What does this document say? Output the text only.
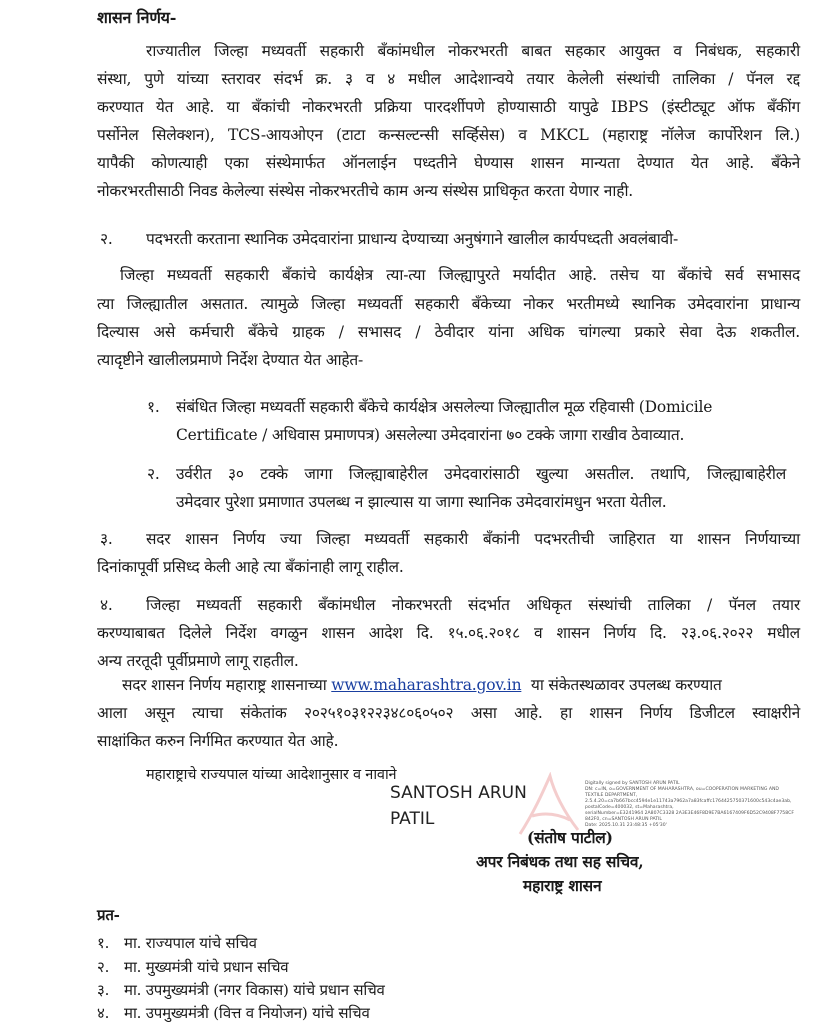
शासन निर्णय-
राज्यातील जिल्हा मध्यवर्ती सहकारी बँकांमधील नोकरभरती बाबत सहकार आयुक्त व निबंधक, सहकारी
संस्था, पुणे यांच्या स्तरावर संदर्भ क्र. ३ व ४ मधील आदेशान्वये तयार केलेली संस्थांची तालिका / पॅनल रद्द
करण्यात येत आहे. या बँकांची नोकरभरती प्रक्रिया पारदर्शीपणे होण्यासाठी यापुढे IBPS (इंस्टीट्यूट ऑफ बँकींग
पर्सोनेल सिलेक्शन), TCS-आयओएन (टाटा कन्सल्टन्सी सर्व्हिसेस) व MKCL (महाराष्ट्र नॉलेज कार्पोरेशन लि.)
यापैकी कोणत्याही एका संस्थेमार्फत ऑनलाईन पध्दतीने घेण्यास शासन मान्यता देण्यात येत आहे. बँकेने
नोकरभरतीसाठी निवड केलेल्या संस्थेस नोकरभरतीचे काम अन्य संस्थेस प्राधिकृत करता येणार नाही.
२. पदभरती करताना स्थानिक उमेदवारांना प्राधान्य देण्याच्या अनुषंगाने खालील कार्यपध्दती अवलंबावी-
जिल्हा मध्यवर्ती सहकारी बँकांचे कार्यक्षेत्र त्या-त्या जिल्ह्यापुरते मर्यादीत आहे. तसेच या बँकांचे सर्व सभासद
त्या जिल्ह्यातील असतात. त्यामुळे जिल्हा मध्यवर्ती सहकारी बँकेच्या नोकर भरतीमध्ये स्थानिक उमेदवारांना प्राधान्य
दिल्यास असे कर्मचारी बँकेचे ग्राहक / सभासद / ठेवीदार यांना अधिक चांगल्या प्रकारे सेवा देऊ शकतील.
त्यादृष्टीने खालीलप्रमाणे निर्देश देण्यात येत आहेत-
१. संबंधित जिल्हा मध्यवर्ती सहकारी बँकेचे कार्यक्षेत्र असलेल्या जिल्ह्यातील मूळ रहिवासी (Domicile
Certificate / अधिवास प्रमाणपत्र) असलेल्या उमेदवारांना ७० टक्के जागा राखीव ठेवाव्यात.
२. उर्वरीत ३० टक्के जागा जिल्ह्याबाहेरील उमेदवारांसाठी खुल्या असतील. तथापि, जिल्ह्याबाहेरील
उमेदवार पुरेशा प्रमाणात उपलब्ध न झाल्यास या जागा स्थानिक उमेदवारांमधुन भरता येतील.
३. सदर शासन निर्णय ज्या जिल्हा मध्यवर्ती सहकारी बँकांनी पदभरतीची जाहिरात या शासन निर्णयाच्या
दिनांकापूर्वी प्रसिध्द केली आहे त्या बँकांनाही लागू राहील.
४. जिल्हा मध्यवर्ती सहकारी बँकांमधील नोकरभरती संदर्भात अधिकृत संस्थांची तालिका / पॅनल तयार
करण्याबाबत दिलेले निर्देश वगळुन शासन आदेश दि. १५.०६.२०१८ व शासन निर्णय दि. २३.०६.२०२२ मधील
अन्य तरतूदी पूर्वीप्रमाणे लागू राहतील.
सदर शासन निर्णय महाराष्ट्र शासनाच्या www.maharashtra.gov.in या संकेतस्थळावर उपलब्ध करण्यात
आला असून त्याचा संकेतांक २०२५१०३१२२३४८०६०५०२ असा आहे. हा शासन निर्णय डिजीटल स्वाक्षरीने
साक्षांकित करुन निर्गमित करण्यात येत आहे.
महाराष्ट्राचे राज्यपाल यांच्या आदेशानुसार व नावाने
SANTOSH ARUN
PATIL
Digitally signed by SANTOSH ARUN PATIL
DN: c=IN, o=GOVERNMENT OF MAHARASHTRA, ou=COOPERATION MARKETING AND
TEXTILE DEPARTMENT,
2.5.4.20=ca7b667bcc4594e1e11743a7962a7a83fcaffc1764425750371600c543c4ae3ab,
postalCode=400032, st=Maharashtra,
serialNumber=E3241964 2A807C3328 2A3E3E46F8D9E7BA6167409F6D52C9408F7758CF
842F0, cn=SANTOSH ARUN PATIL
Date: 2025.10.31 23:48:35 +05'30'
(संतोष पाटील)
अपर निबंधक तथा सह सचिव,
महाराष्ट्र शासन
प्रत-
१. मा. राज्यपाल यांचे सचिव
२. मा. मुख्यमंत्री यांचे प्रधान सचिव
३. मा. उपमुख्यमंत्री (नगर विकास) यांचे प्रधान सचिव
४. मा. उपमुख्यमंत्री (वित्त व नियोजन) यांचे सचिव
